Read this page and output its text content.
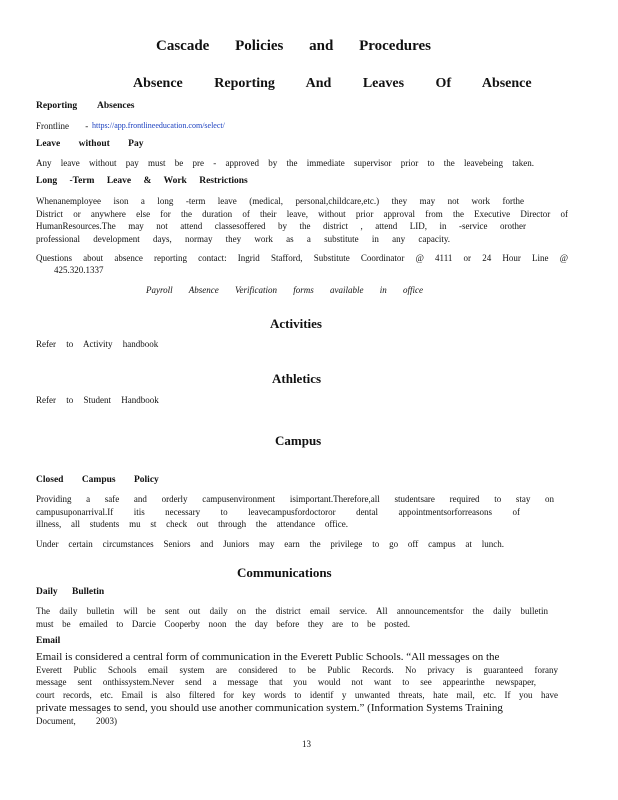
Cascade Policies and Procedures
Absence Reporting And Leaves Of Absence
Reporting Absences
Frontline - https://app.frontlineeducation.com/select/
Leave without Pay
Any leave without pay must be pre - approved by the immediate supervisor prior to the leavebeing taken.
Long -Term Leave & Work Restrictions
Whenanemployee ison a long -term leave (medical, personal,childcare,etc.) they may not work forthe
District or anywhere else for the duration of their leave, without prior approval from the Executive Director of
HumanResources.The may not attend classesoffered by the district , attend LID, in -service orother
professional development days, normay they work as a substitute in any capacity.
Questions about absence reporting contact: Ingrid Stafford, Substitute Coordinator @ 4111 or 24 Hour Line @
425.320.1337
Payroll Absence Verification forms available in office
Activities
Refer to Activity handbook
Athletics
Refer to Student Handbook
Campus
Closed Campus Policy
Providing a safe and orderly campusenvironment isimportant.Therefore,all studentsare required to stay on
campusuponarrival.If itis necessary to leavecampusfordoctoror dental appointmentsorforreasons of
illness, all students mu st check out through the attendance office.
Under certain circumstances Seniors and Juniors may earn the privilege to go off campus at lunch.
Communications
Daily Bulletin
The daily bulletin will be sent out daily on the district email service. All announcementsfor the daily bulletin
must be emailed to Darcie Cooperby noon the day before they are to be posted.
Email
Email is considered a central form of communication in the Everett Public Schools. “All messages on the
Everett Public Schools email system are considered to be Public Records. No privacy is guaranteed forany
message sent onthissystem.Never send a message that you would not want to see appearinthe newspaper,
court records, etc. Email is also filtered for key words to identif y unwanted threats, hate mail, etc. If you have
private messages to send, you should use another communication system.” (Information Systems Training
Document, 2003)
13
